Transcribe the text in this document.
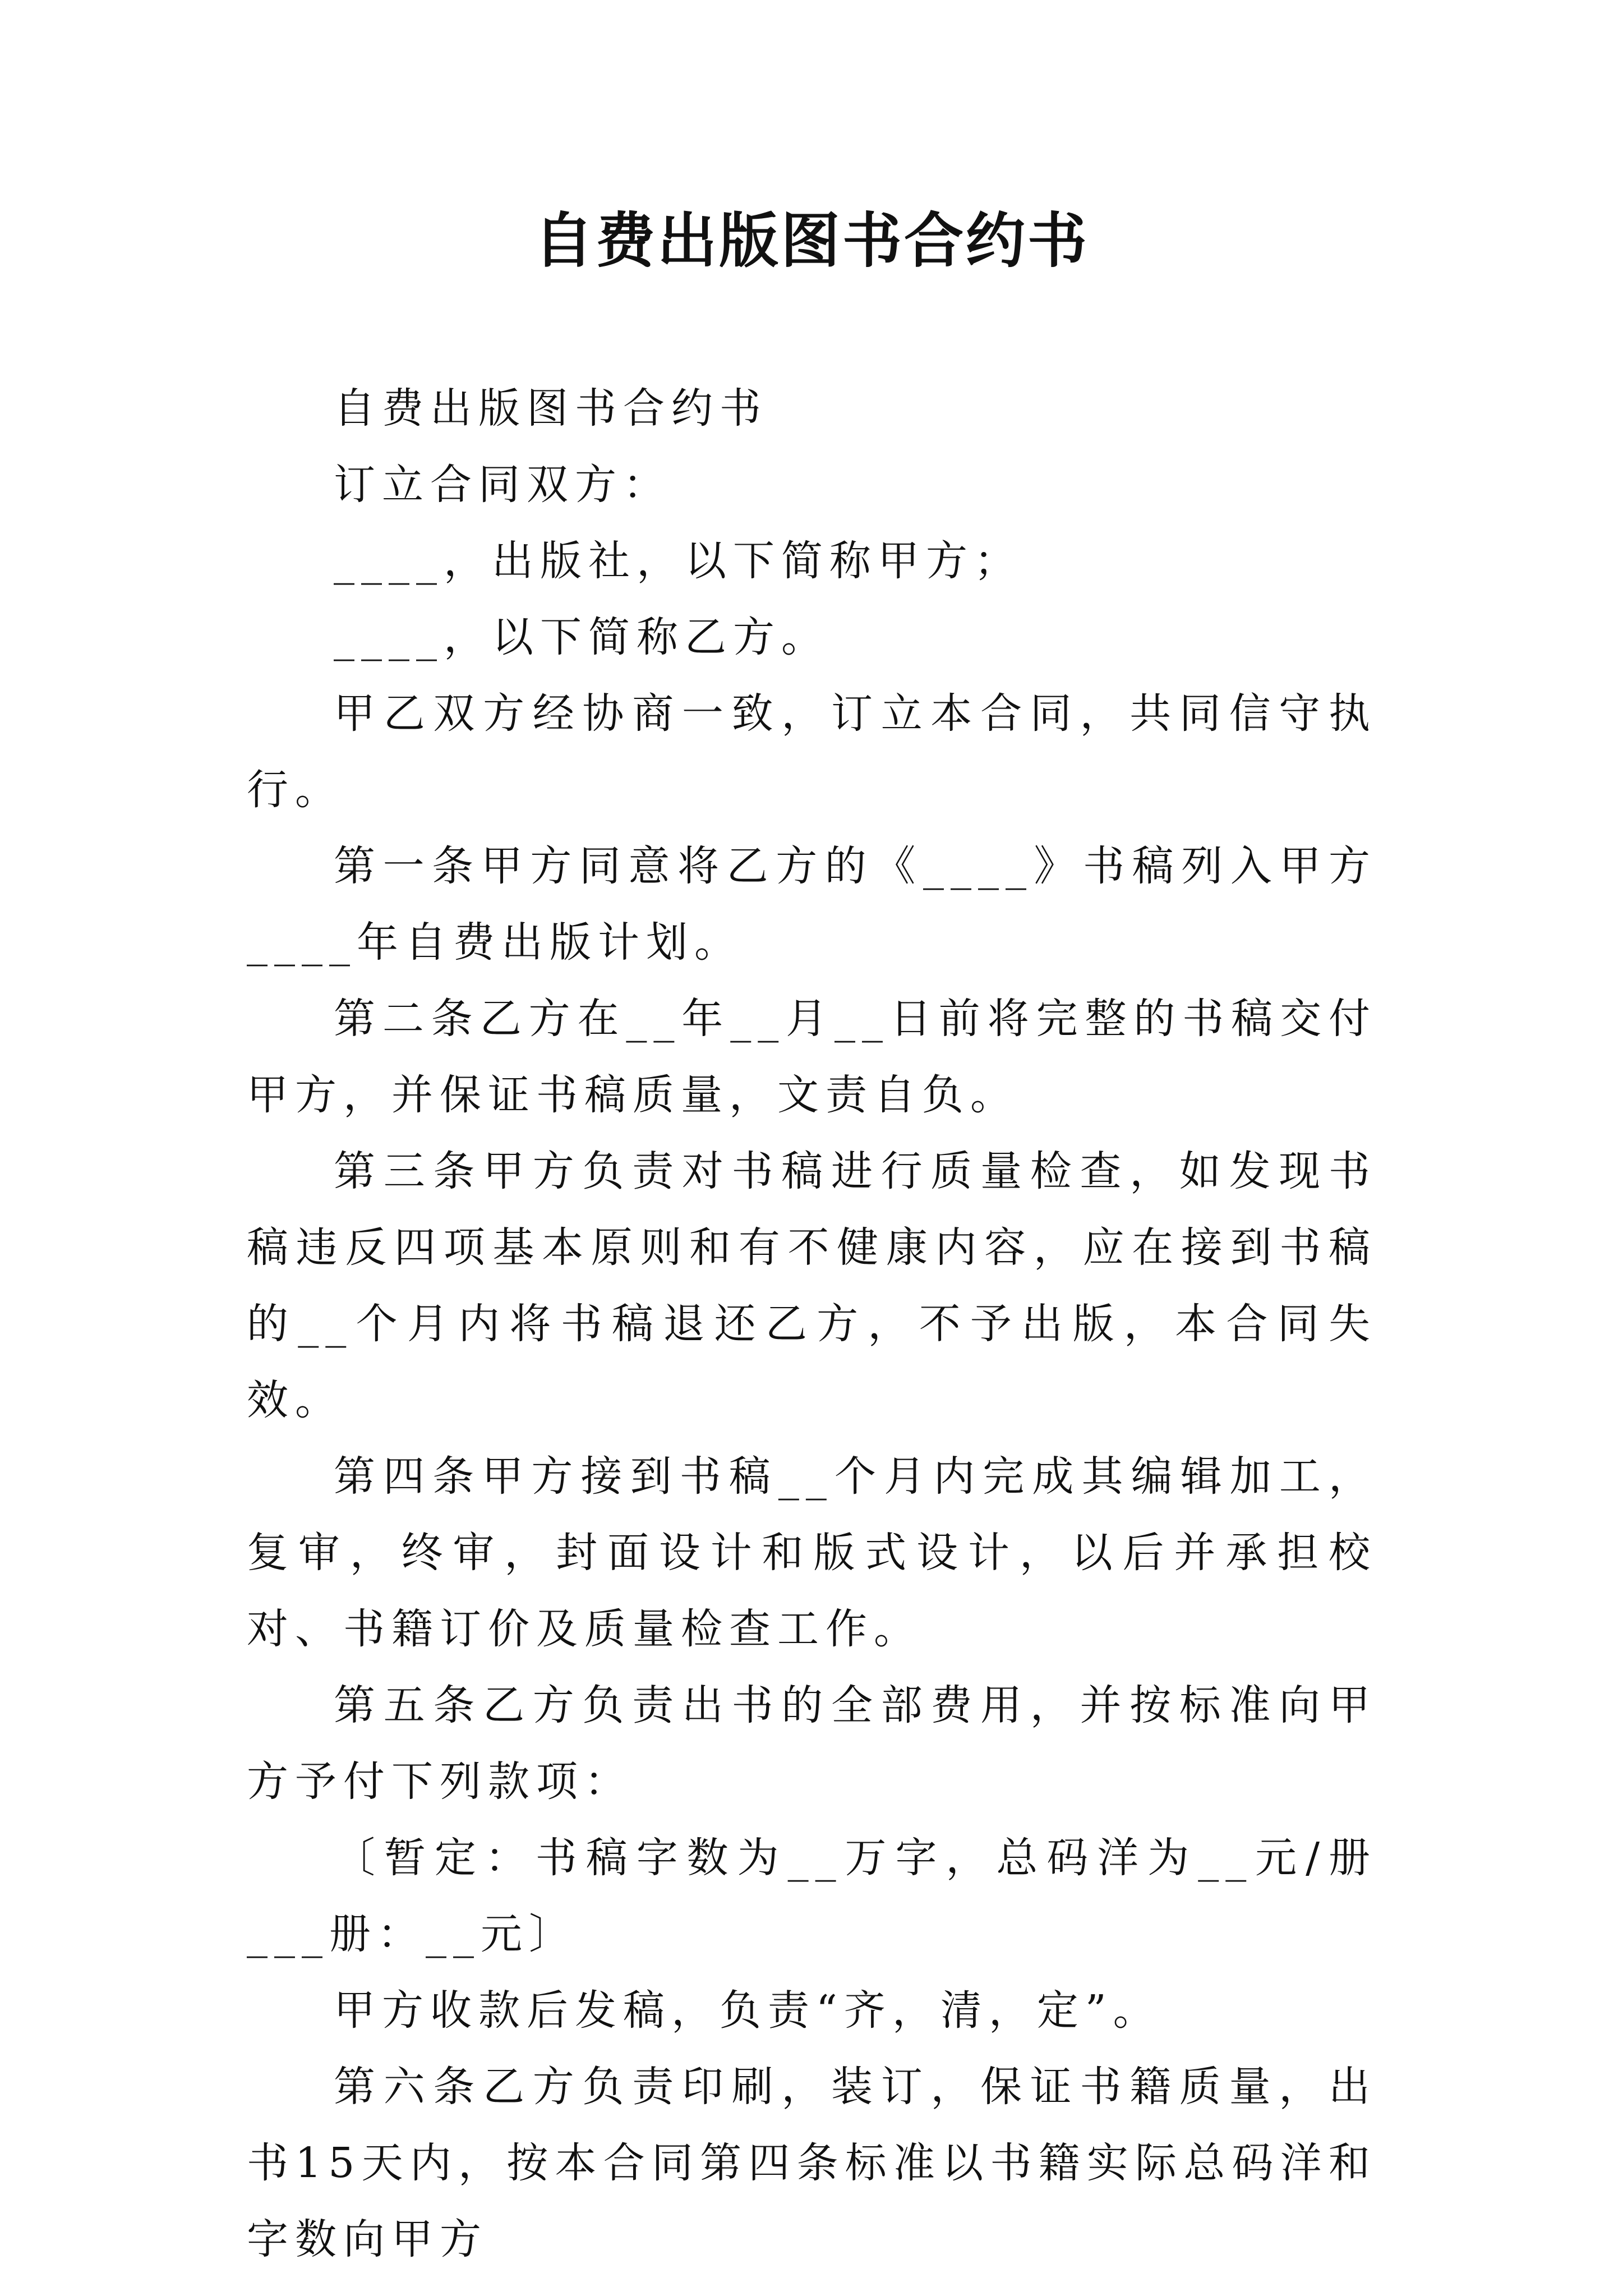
自费出版图书合约书

自费出版图书合约书

订立合同双方：

____，出版社，以下简称甲方；

____，以下简称乙方。

甲乙双方经协商一致，订立本合同，共同信守执行。

第一条甲方同意将乙方的《____》书稿列入甲方____年自费出版计划。

第二条乙方在__年__月__日前将完整的书稿交付甲方，并保证书稿质量，文责自负。

第三条甲方负责对书稿进行质量检查，如发现书稿违反四项基本原则和有不健康内容，应在接到书稿的__个月内将书稿退还乙方，不予出版，本合同失效。

第四条甲方接到书稿__个月内完成其编辑加工，复审，终审，封面设计和版式设计，以后并承担校对、书籍订价及质量检查工作。

第五条乙方负责出书的全部费用，并按标准向甲方予付下列款项：

〔暂定：书稿字数为__万字，总码洋为__元/册___册：__元〕

甲方收款后发稿，负责“齐，清，定”。

第六条乙方负责印刷，装订，保证书籍质量，出书15天内，按本合同第四条标准以书籍实际总码洋和字数向甲方
